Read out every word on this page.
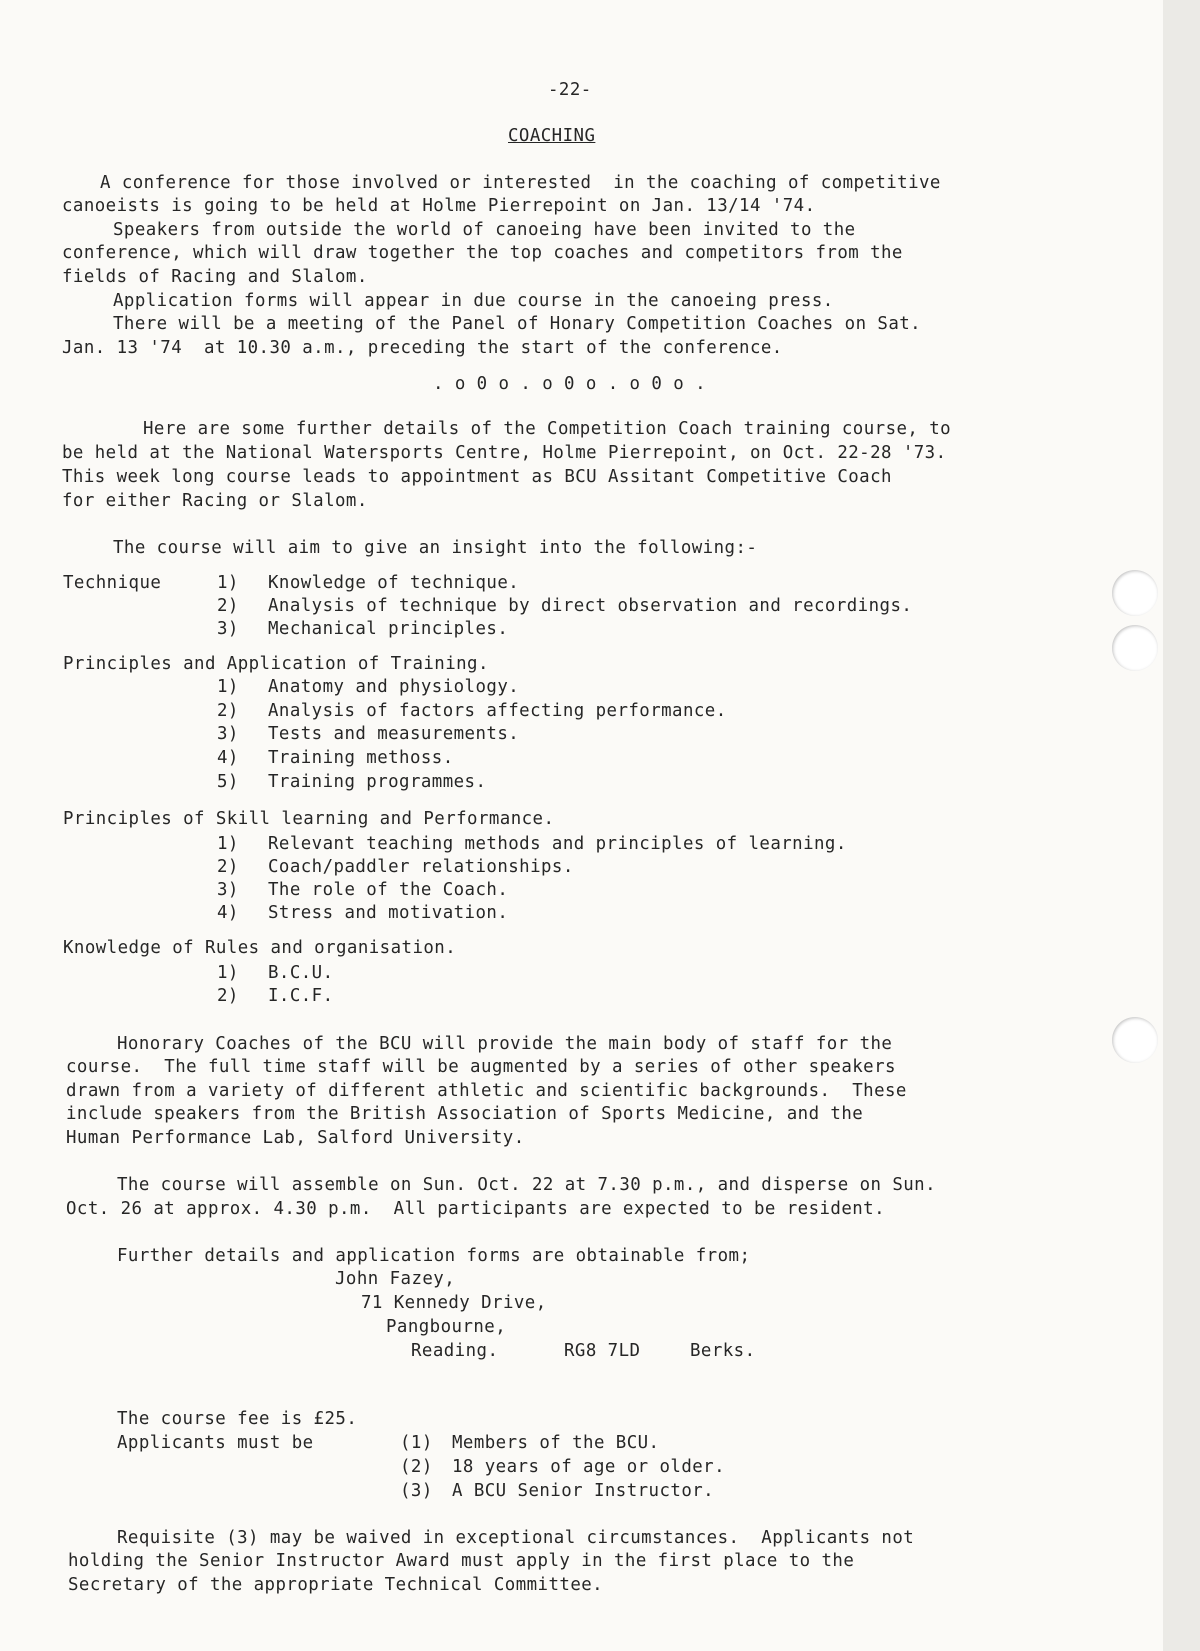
-22-
COACHING
A conference for those involved or interested  in the coaching of competitive
canoeists is going to be held at Holme Pierrepoint on Jan. 13/14 '74.
Speakers from outside the world of canoeing have been invited to the
conference, which will draw together the top coaches and competitors from the
fields of Racing and Slalom.
Application forms will appear in due course in the canoeing press.
There will be a meeting of the Panel of Honary Competition Coaches on Sat.
Jan. 13 '74  at 10.30 a.m., preceding the start of the conference.
. o 0 o . o 0 o . o 0 o .
Here are some further details of the Competition Coach training course, to
be held at the National Watersports Centre, Holme Pierrepoint, on Oct. 22-28 '73.
This week long course leads to appointment as BCU Assitant Competitive Coach
for either Racing or Slalom.
The course will aim to give an insight into the following:-
Technique	1) Knowledge of technique.
2) Analysis of technique by direct observation and recordings.
3) Mechanical principles.
Principles and Application of Training.
1) Anatomy and physiology.
2) Analysis of factors affecting performance.
3) Tests and measurements.
4) Training methoss.
5) Training programmes.
Principles of Skill learning and Performance.
1) Relevant teaching methods and principles of learning.
2) Coach/paddler relationships.
3) The role of the Coach.
4) Stress and motivation.
Knowledge of Rules and organisation.
1) B.C.U.
2) I.C.F.
Honorary Coaches of the BCU will provide the main body of staff for the
course.  The full time staff will be augmented by a series of other speakers
drawn from a variety of different athletic and scientific backgrounds.  These
include speakers from the British Association of Sports Medicine, and the
Human Performance Lab, Salford University.
The course will assemble on Sun. Oct. 22 at 7.30 p.m., and disperse on Sun.
Oct. 26 at approx. 4.30 p.m.  All participants are expected to be resident.
Further details and application forms are obtainable from;
John Fazey,
71 Kennedy Drive,
Pangbourne,
Reading.	RG8 7LD	Berks.
The course fee is £25.
Applicants must be	(1) Members of the BCU.
(2) 18 years of age or older.
(3) A BCU Senior Instructor.
Requisite (3) may be waived in exceptional circumstances.  Applicants not
holding the Senior Instructor Award must apply in the first place to the
Secretary of the appropriate Technical Committee.
